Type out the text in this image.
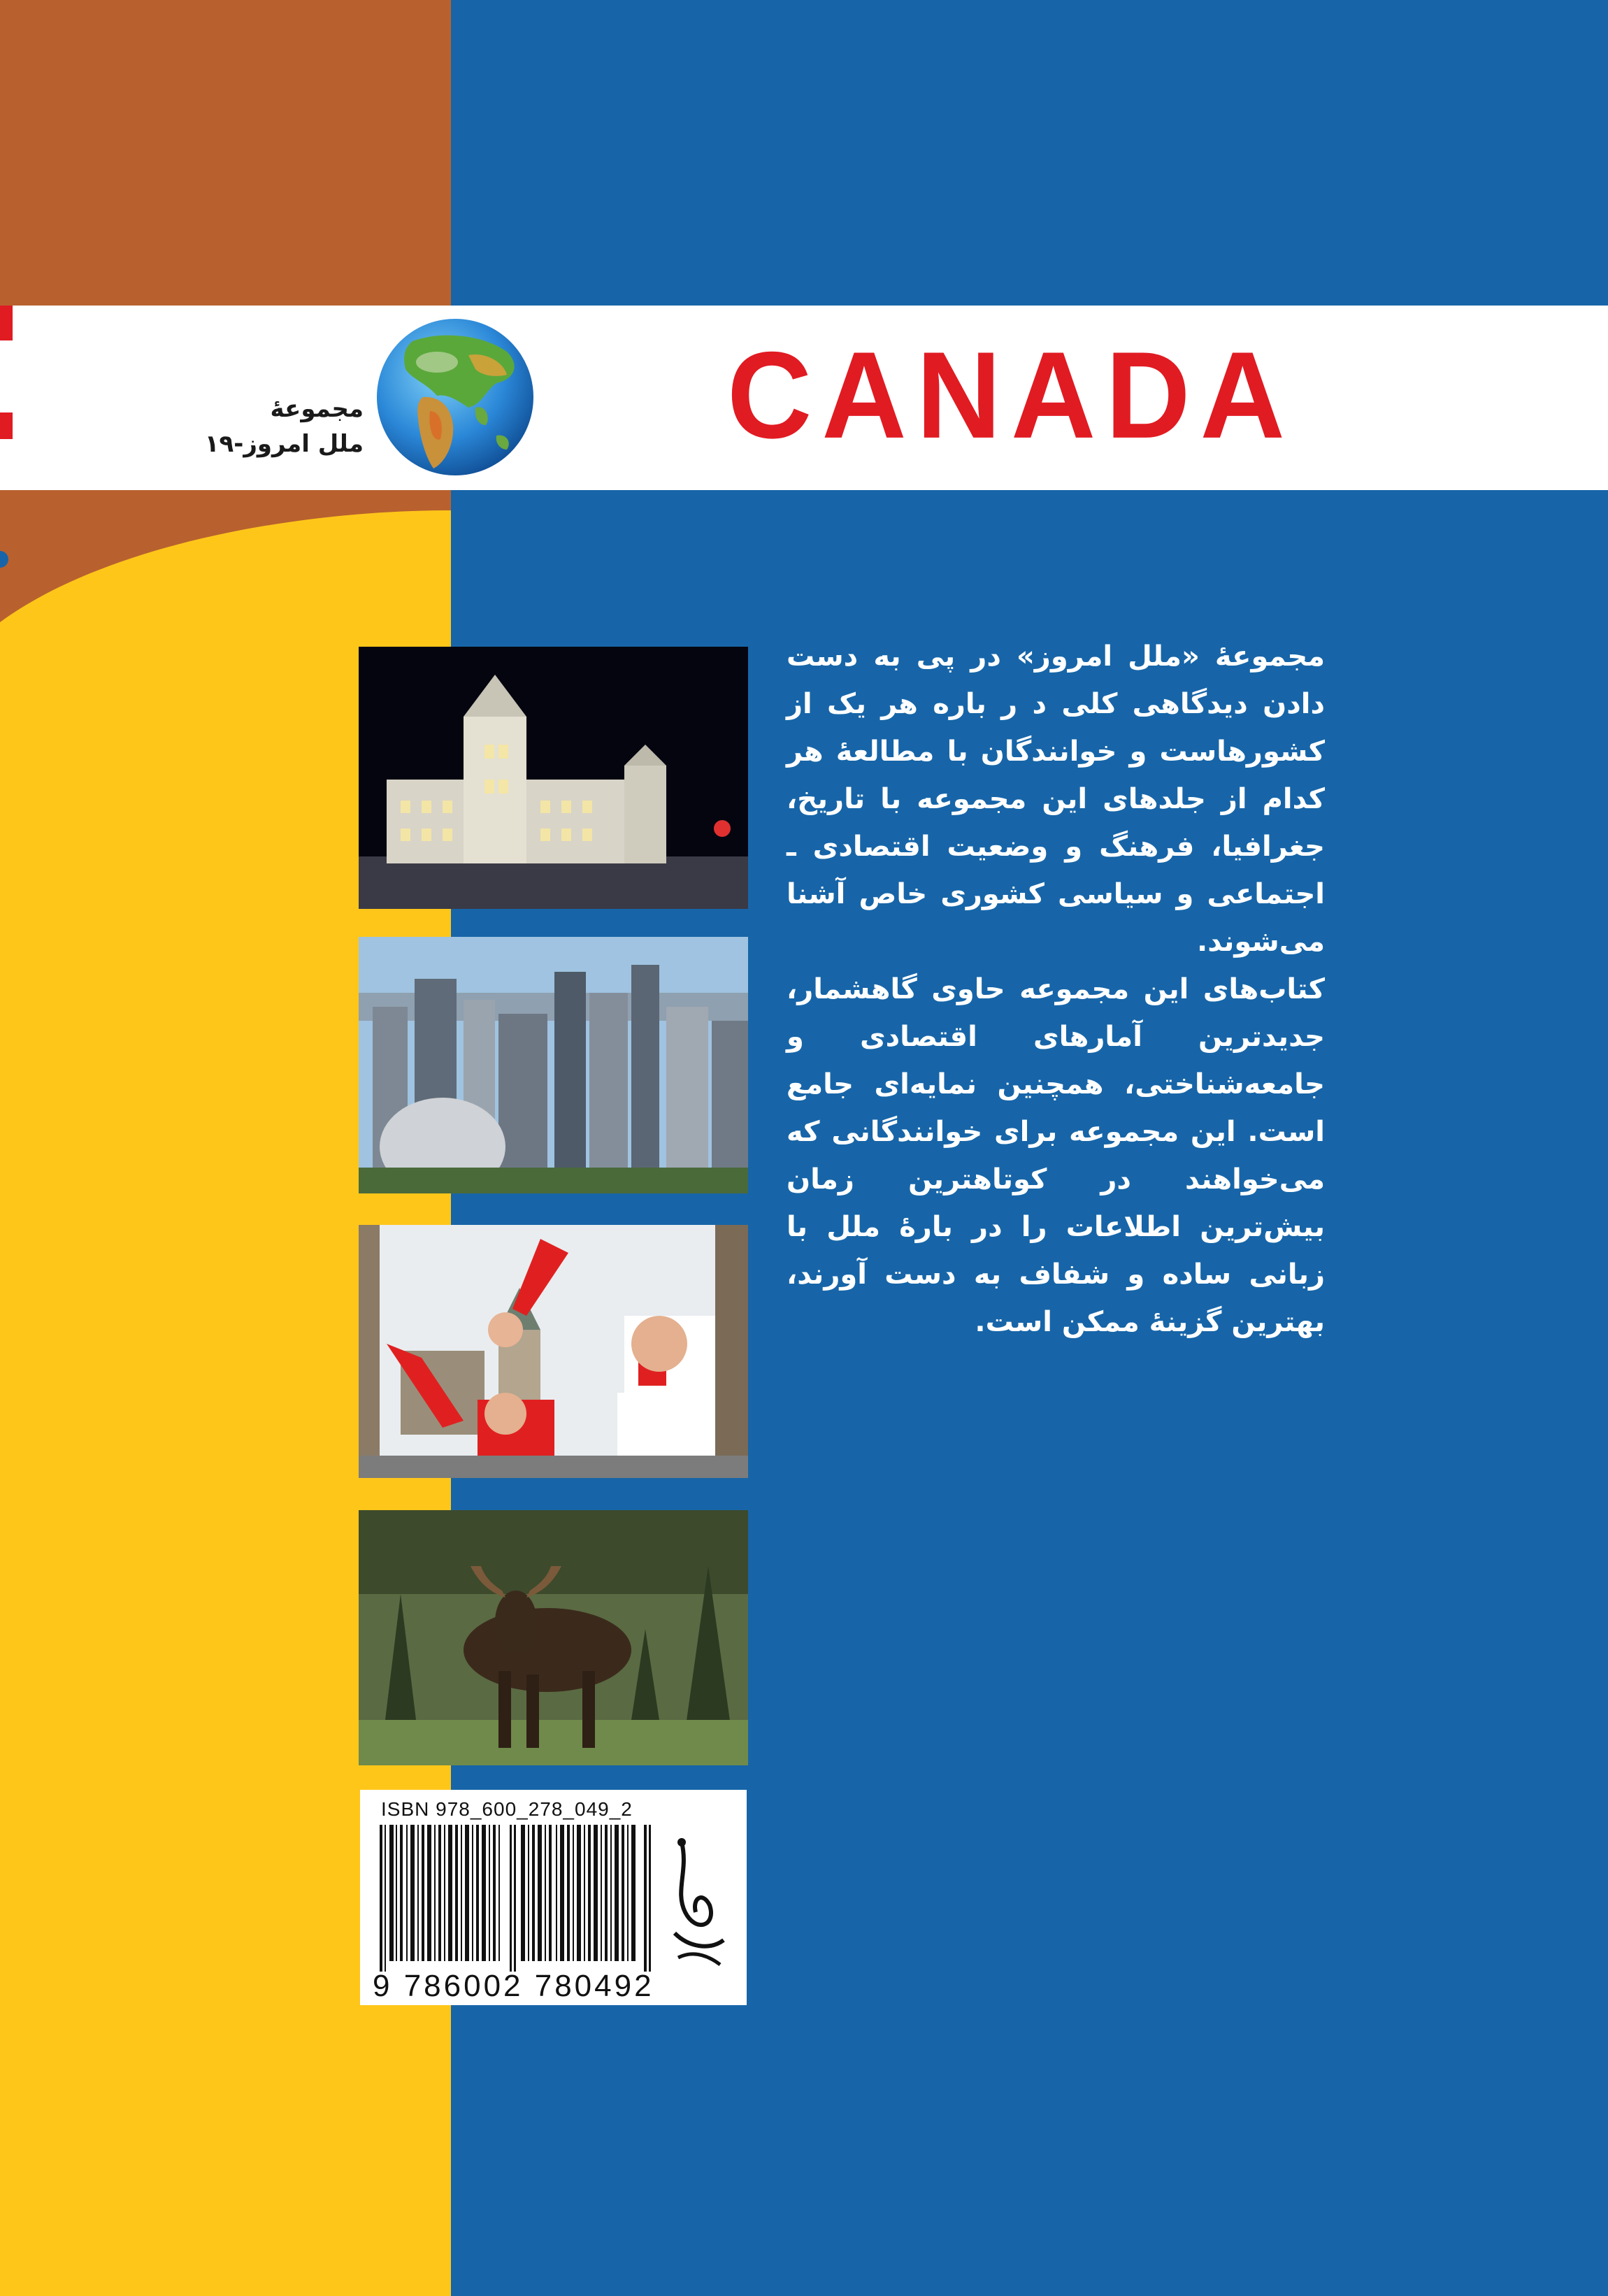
CANADA
مجموعۀ
ملل امروز-۱۹

مجموعۀ «ملل امروز» در پی به دست دادن دیدگاهی کلی د ر باره هر یک از کشورهاست و خوانندگان با مطالعۀ هر کدام از جلدهای این مجموعه با تاریخ، جغرافیا، فرهنگ و وضعیت اقتصادی ـ اجتماعی و سیاسی کشوری خاص آشنا می‌شوند.

کتاب‌های این مجموعه حاوی گاهشمار، جدیدترین آمارهای اقتصادی و جامعه‌شناختی، همچنین نمایه‌ای جامع است. این مجموعه برای خوانندگانی که می‌خواهند در کوتاهترین زمان بیش‌ترین اطلاعات را در بارۀ ملل با زبانی ساده و شفاف به دست آورند، بهترین گزینۀ ممکن است.

ISBN 978_600_278_049_2
9 786002 780492
